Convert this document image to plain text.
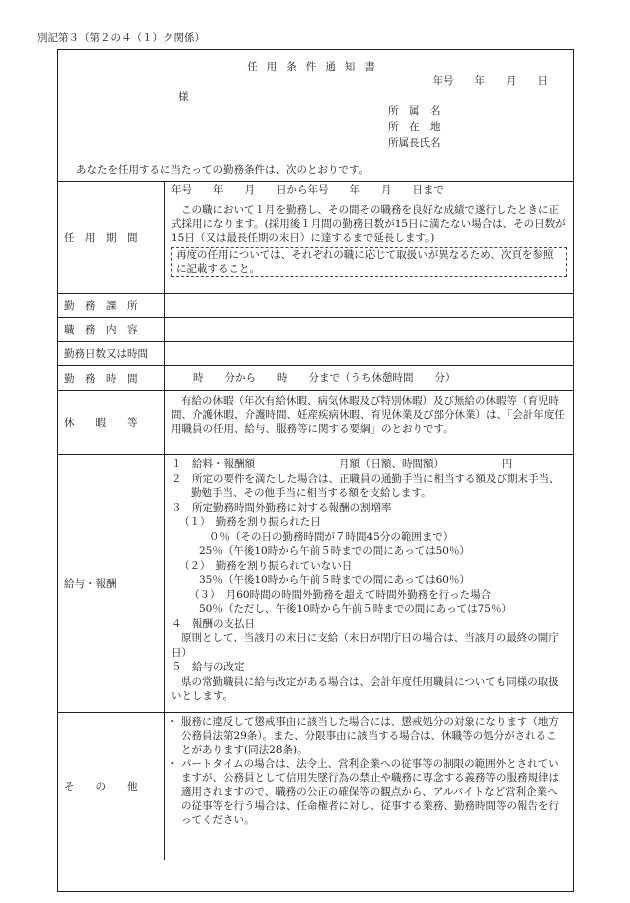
別記第３（第２の４（１）ク関係）
任用条件通知書
年号　　年　　月　　日
様
所　属　名
所　在　地
所属長氏名
あなたを任用するに当たっての勤務条件は、次のとおりです。
任　用　期　間

年号　　年　　月　　日から年号　　年　　月　　日まで

この職において１月を勤務し、その間その職務を良好な成績で遂行したときに正式採用になります。(採用後１月間の勤務日数が15日に満たない場合は、その日数が15日（又は最長任期の末日）に達するまで延長します。)

再度の任用については、それぞれの職に応じて取扱いが異なるため、次頁を参照に記載すること。
勤　務　課　所
職　務　内　容
勤務日数又は時間
勤　務　時　間	時　　分から　　時　　分まで（うち休憩時間　　分）
休　　暇　　等

有給の休暇（年次有給休暇、病気休暇及び特別休暇）及び無給の休暇等（育児時間、介護休暇、介護時間、妊産疾病休暇、育児休業及び部分休業）は、「会計年度任用職員の任用、給与、服務等に関する要綱」のとおりです。

給与・報酬

１　給料・報酬額　　　　　　　　月額（日額、時間額）　　　　　　円

２　所定の要件を満たした場合は、正職員の通勤手当に相当する額及び期末手当、勤勉手当、その他手当に相当する額を支給します。

３　所定勤務時間外勤務に対する報酬の割増率

（１）　勤務を割り振られた日

０％（その日の勤務時間が７時間45分の範囲まで）

25％（午後10時から午前５時までの間にあっては50％）

（２）　勤務を割り振られていない日

35％（午後10時から午前５時までの間にあっては60％）

（３）　月60時間の時間外勤務を超えて時間外勤務を行った場合

50％（ただし、午後10時から午前５時までの間にあっては75％）

４　報酬の支払日

原則として、当該月の末日に支給（末日が閉庁日の場合は、当該月の最終の開庁日）

５　給与の改定

県の常勤職員に給与改定がある場合は、会計年度任用職員についても同様の取扱いとします。

そ　　の　　他

・ 服務に違反して懲戒事由に該当した場合には、懲戒処分の対象になります（地方公務員法第29条）。また、分限事由に該当する場合は、休職等の処分がされることがあります(同法28条)。

・ パートタイムの場合は、法令上、営利企業への従事等の制限の範囲外とされていますが、公務員として信用失墜行為の禁止や職務に専念する義務等の服務規律は適用されますので、職務の公正の確保等の観点から、アルバイトなど営利企業への従事等を行う場合は、任命権者に対し、従事する業務、勤務時間等の報告を行ってください。
